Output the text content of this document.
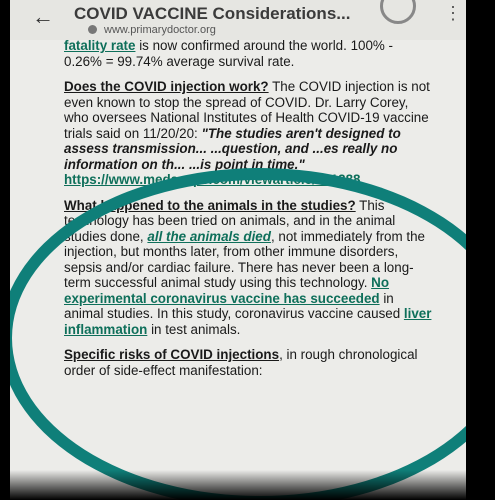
← COVID VACCINE Considerations...
www.primarydoctor.org
⋮

fatality rate is now confirmed around the world. 100% - 0.26% = 99.74% average survival rate.

Does the COVID injection work? The COVID injection is not even known to stop the spread of COVID. Dr. Larry Corey, who oversees National Institutes of Health COVID-19 vaccine trials said on 11/20/20: "The studies aren't designed to assess transmission... ...question, and ...es really no information on th... ...is point in time." https://www.medscape.com/viewarticle/941388

What happened to the animals in the studies? This technology has been tried on animals, and in the animal studies done, all the animals died, not immediately from the injection, but months later, from other immune disorders, sepsis and/or cardiac failure. There has never been a long-term successful animal study using this technology. No experimental coronavirus vaccine has succeeded in animal studies. In this study, coronavirus vaccine caused liver inflammation in test animals.

Specific risks of COVID injections, in rough chronological order of side-effect manifestation:
